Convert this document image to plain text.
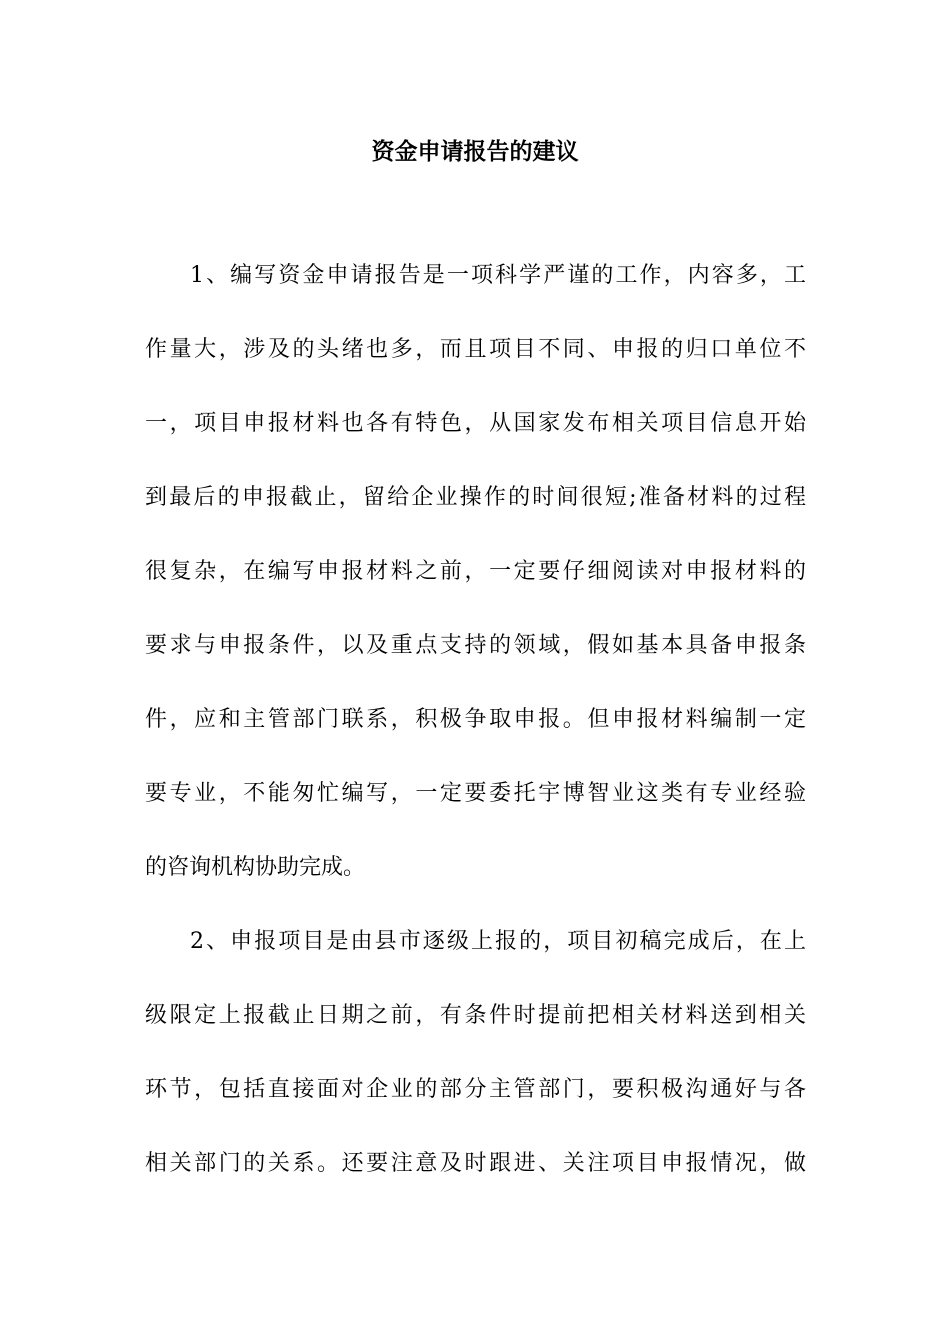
资金申请报告的建议
1、编写资金申请报告是一项科学严谨的工作，内容多，工
作量大，涉及的头绪也多，而且项目不同、申报的归口单位不
一，项目申报材料也各有特色，从国家发布相关项目信息开始
到最后的申报截止，留给企业操作的时间很短;准备材料的过程
很复杂，在编写申报材料之前，一定要仔细阅读对申报材料的
要求与申报条件，以及重点支持的领域，假如基本具备申报条
件，应和主管部门联系，积极争取申报。但申报材料编制一定
要专业，不能匆忙编写，一定要委托宇博智业这类有专业经验
的咨询机构协助完成。
2、申报项目是由县市逐级上报的，项目初稿完成后，在上
级限定上报截止日期之前，有条件时提前把相关材料送到相关
环节，包括直接面对企业的部分主管部门，要积极沟通好与各
相关部门的关系。还要注意及时跟进、关注项目申报情况，做
